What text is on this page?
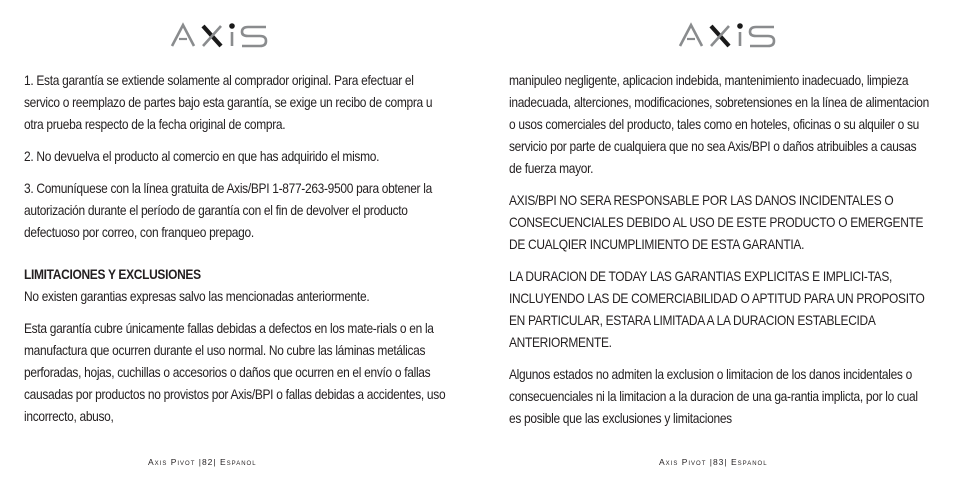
1. Esta garantía se extiende solamente al comprador original. Para efectuar el servico o reemplazo de partes bajo esta garantía, se exige un recibo de compra u otra prueba respecto de la fecha original de compra.

2. No devuelva el producto al comercio en que has adquirido el mismo.

3. Comuníquese con la línea gratuita de Axis/BPI 1-877-263-9500 para obtener la autorización durante el período de garantía con el fin de devolver el producto defectuoso por correo, con franqueo prepago.

LIMITACIONES Y EXCLUSIONES

No existen garantias expresas salvo las mencionadas anteriormente.

Esta garantía cubre únicamente fallas debidas a defectos en los mate-rials o en la manufactura que ocurren durante el uso normal. No cubre las láminas metálicas perforadas, hojas, cuchillas o accesorios o daños que ocurren en el envío o fallas causadas por productos no provistos por Axis/BPI o fallas debidas a accidentes, uso incorrecto, abuso,

Axis Pivot |82| Espanol

manipuleo negligente, aplicacion indebida, mantenimiento inadecuado, limpieza inadecuada, alterciones, modificaciones, sobretensiones en la línea de alimentacion o usos comerciales del producto, tales como en hoteles, oficinas o su alquiler o su servicio por parte de cualquiera que no sea Axis/BPI o daños atribuibles a causas de fuerza mayor.

AXIS/BPI NO SERA RESPONSABLE POR LAS DANOS INCIDENTALES O CONSECUENCIALES DEBIDO AL USO DE ESTE PRODUCTO O EMERGENTE DE CUALQIER INCUMPLIMIENTO DE ESTA GARANTIA.

LA DURACION DE TODAY LAS GARANTIAS EXPLICITAS E IMPLICI-TAS, INCLUYENDO LAS DE COMERCIABILIDAD O APTITUD PARA UN PROPOSITO EN PARTICULAR, ESTARA LIMITADA A LA DURACION ESTABLECIDA ANTERIORMENTE.

Algunos estados no admiten la exclusion o limitacion de los danos incidentales o consecuenciales ni la limitacion a la duracion de una ga-rantia implicta, por lo cual es posible que las exclusiones y limitaciones

Axis Pivot |83| Espanol
